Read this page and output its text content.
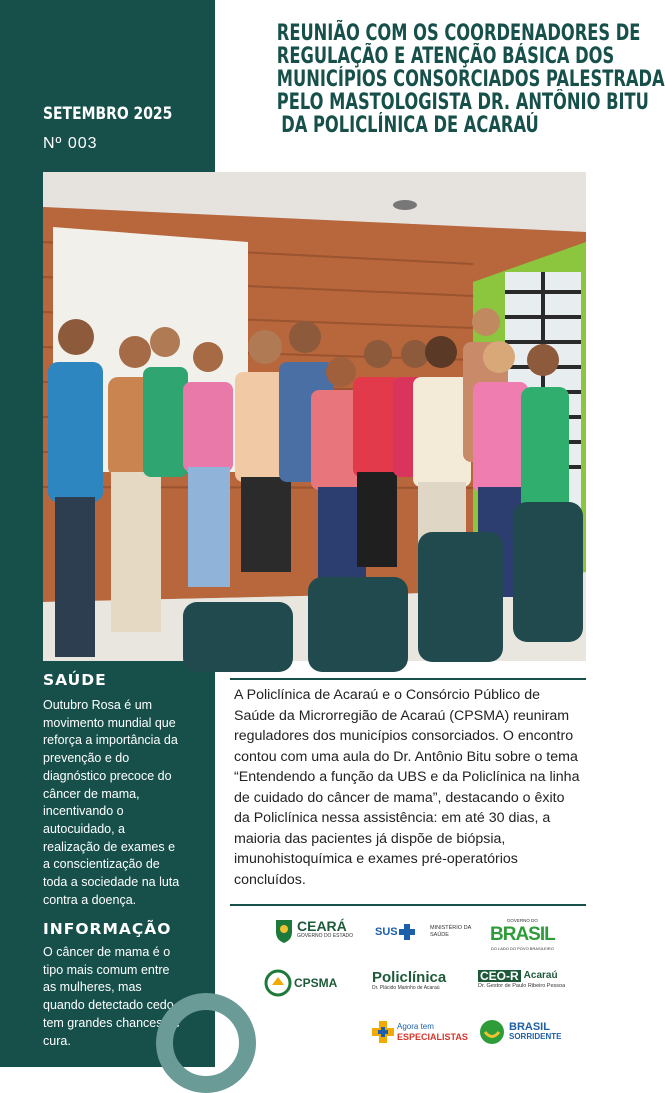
SETEMBRO 2025
Nº 003
REUNIÃO COM OS COORDENADORES DE
REGULAÇÃO E ATENÇÃO BÁSICA DOS
MUNICÍPIOS CONSORCIADOS PALESTRADA
PELO MASTOLOGISTA DR. ANTÔNIO BITU
DA POLICLÍNICA DE ACARAÚ

A Policlínica de Acaraú e o Consórcio Público de Saúde da Microrregião de Acaraú (CPSMA) reuniram reguladores dos municípios consorciados. O encontro contou com uma aula do Dr. Antônio Bitu sobre o tema “Entendendo a função da UBS e da Policlínica na linha de cuidado do câncer de mama”, destacando o êxito da Policlínica nessa assistência: em até 30 dias, a maioria das pacientes já dispõe de biópsia, imunohistoquímica e exames pré-operatórios concluídos.

SAÚDE

Outubro Rosa é um movimento mundial que reforça a importância da prevenção e do diagnóstico precoce do câncer de mama, incentivando o autocuidado, a realização de exames e a conscientização de toda a sociedade na luta contra a doença.

INFORMAÇÃO

O câncer de mama é o tipo mais comum entre as mulheres, mas quando detectado cedo tem grandes chances de cura.

CEARÁ
GOVERNO DO ESTADO SUS	MINISTÉRIO DA
SAÚDE
GOVERNO DO
BRASIL
DO LADO DO POVO BRASILEIRO
CPSMA Policlínica
Dr. Plácido Marinho de Acaraú
CEO-R Acaraú
Dr. Gestor de Paulo Ribeiro Pessoa
Agora tem
ESPECIALISTAS
BRASIL
SORRIDENTE
